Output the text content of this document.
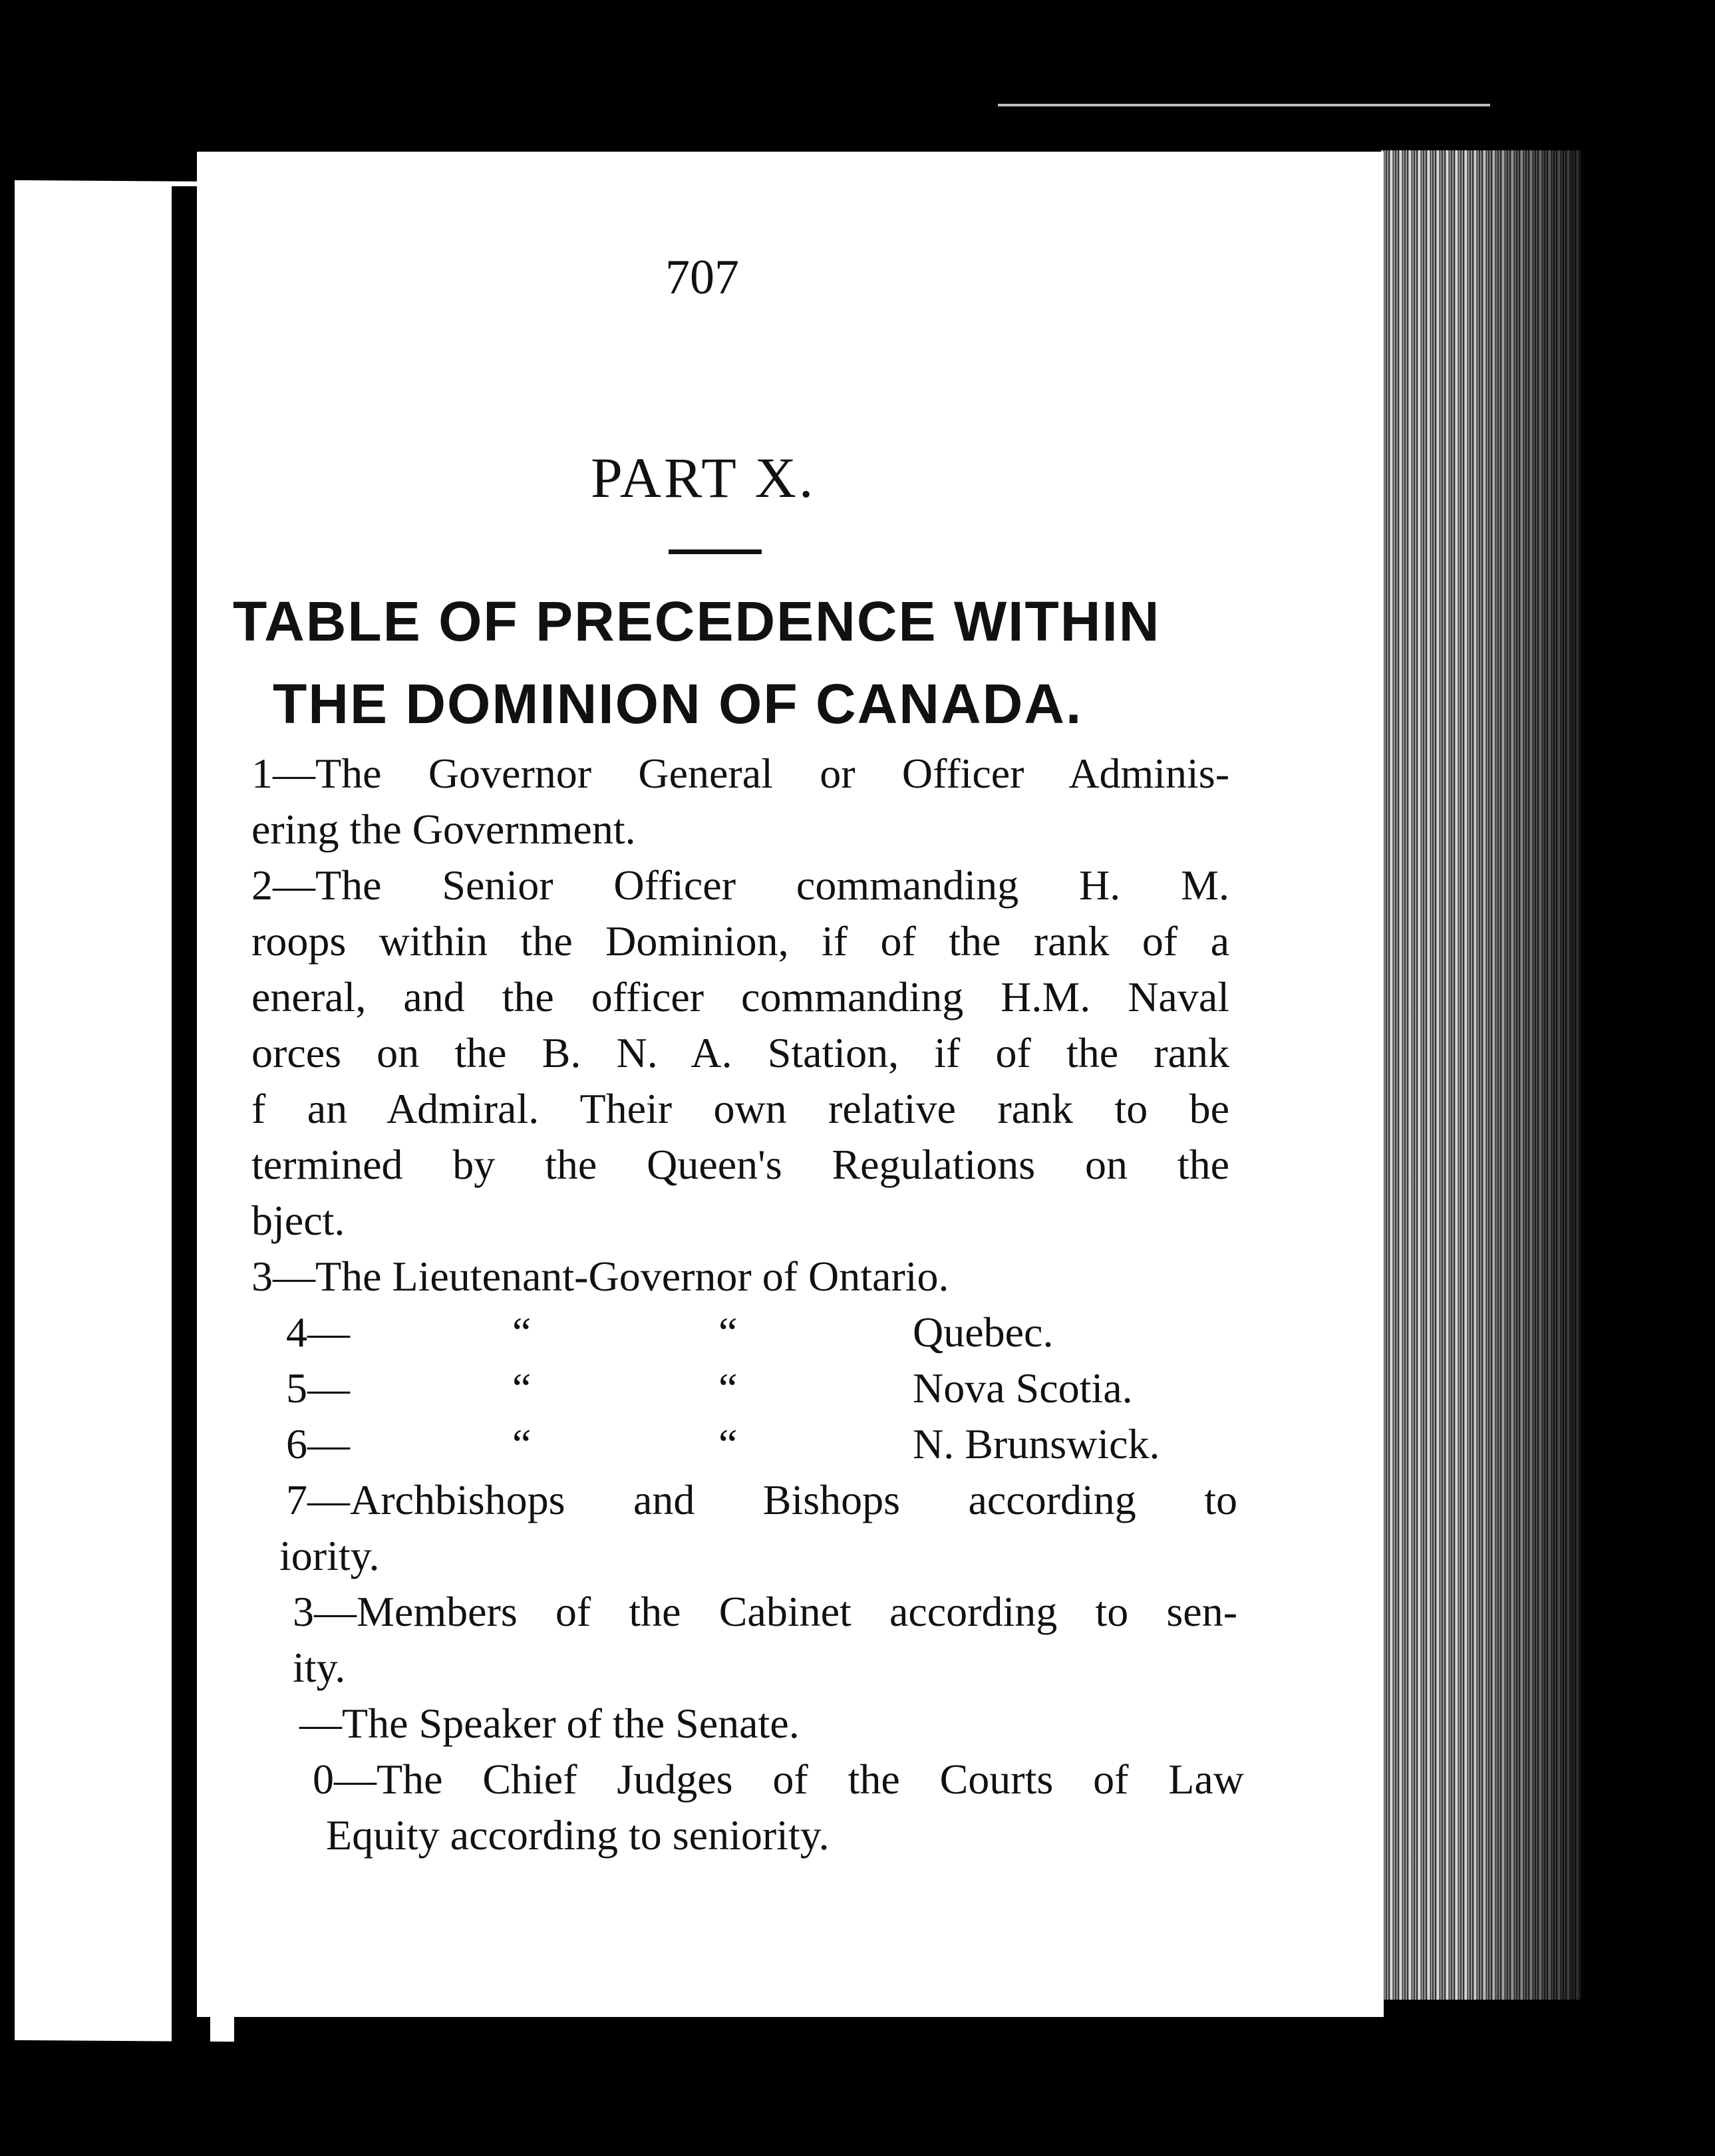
707
PART X.
TABLE OF PRECEDENCE WITHIN
THE DOMINION OF CANADA.
1—The Governor General or Officer Adminis-
ering the Government.
2—The Senior Officer commanding H. M.
roops within the Dominion, if of the rank of a
eneral, and the officer commanding H.M. Naval
orces on the B. N. A. Station, if of the rank
f an Admiral. Their own relative rank to be
termined by the Queen's Regulations on the
bject.
3—The Lieutenant-Governor of Ontario.
4—	“	“	Quebec.
5—	“	“	Nova Scotia.
6—	“	“	N. Brunswick.
7—Archbishops and Bishops according to
iority.
3—Members of the Cabinet according to sen-
ity.
—The Speaker of the Senate.
0—The Chief Judges of the Courts of Law
Equity according to seniority.
